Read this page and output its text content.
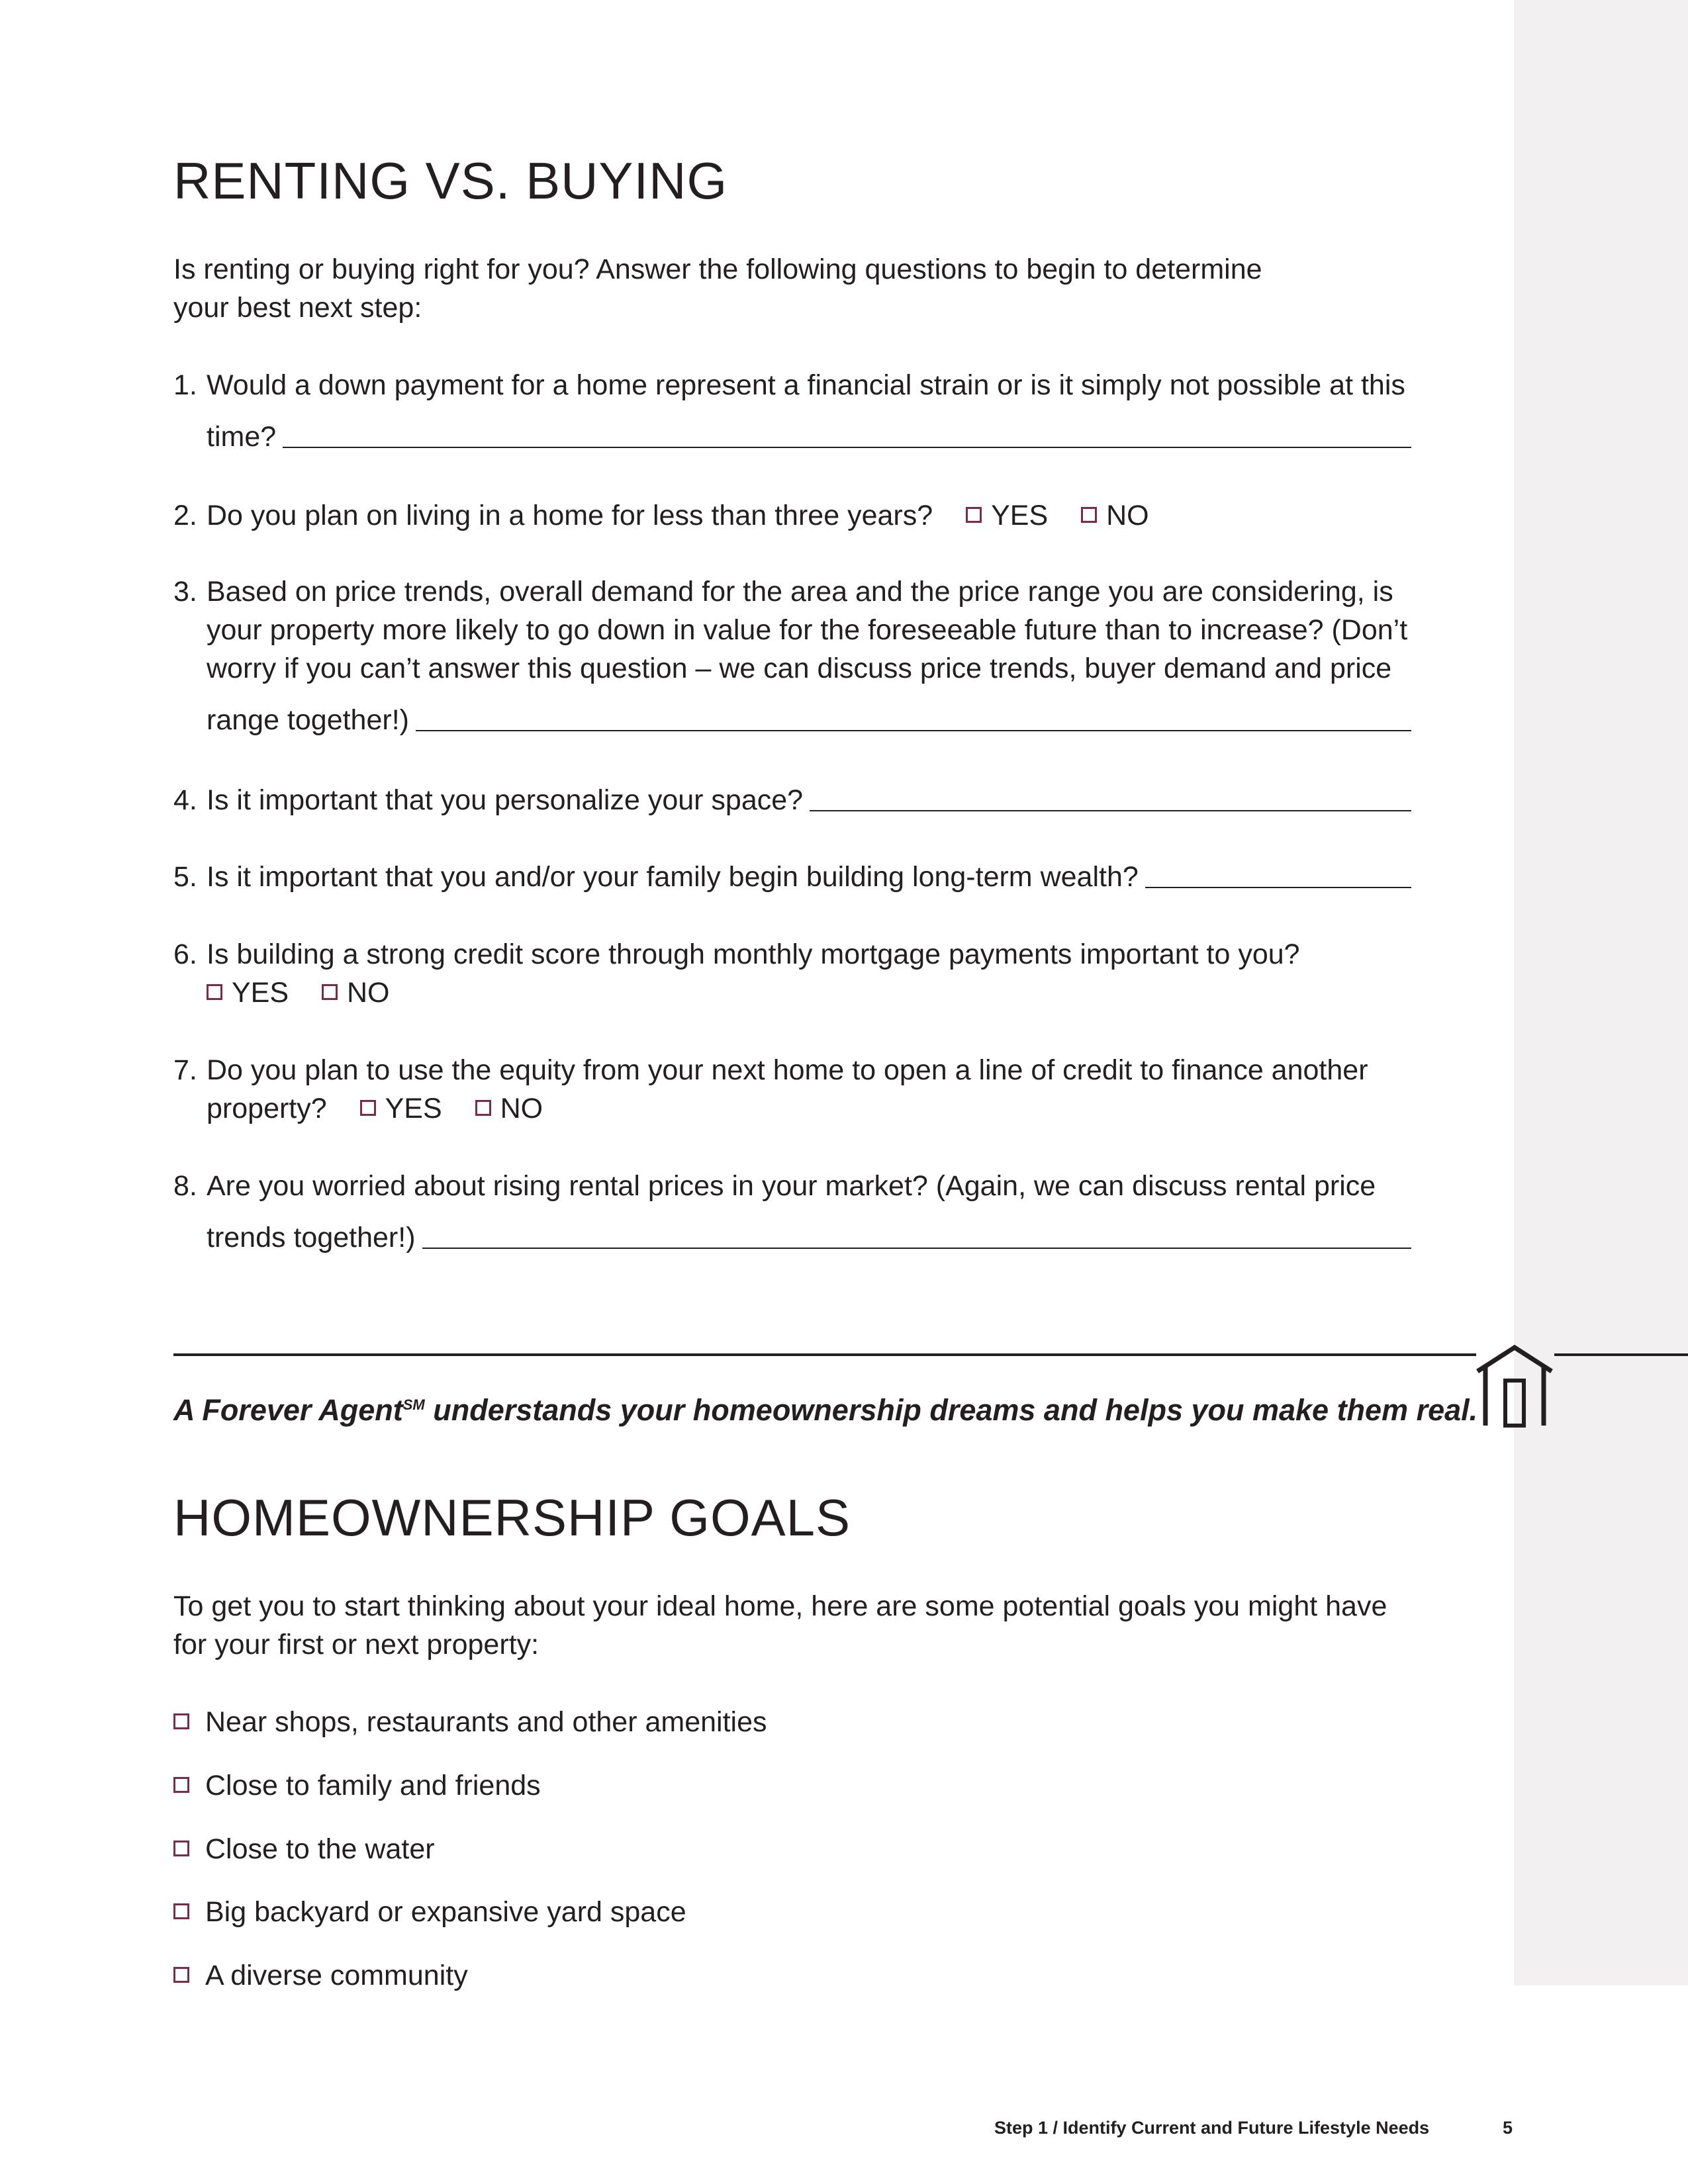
RENTING VS. BUYING

Is renting or buying right for you? Answer the following questions to begin to determine
your best next step:

1. Would a down payment for a home represent a financial strain or is it simply not possible at this
time?
2. Do you plan on living in a home for less than three years? YES NO
3. Based on price trends, overall demand for the area and the price range you are considering, is
your property more likely to go down in value for the foreseeable future than to increase? (Don’t
worry if you can’t answer this question – we can discuss price trends, buyer demand and price
range together!)
4. Is it important that you personalize your space?
5. Is it important that you and/or your family begin building long-term wealth?
6. Is building a strong credit score through monthly mortgage payments important to you?
YES NO
7. Do you plan to use the equity from your next home to open a line of credit to finance another
property? YES NO
8. Are you worried about rising rental prices in your market? (Again, we can discuss rental price
trends together!)
A Forever Agent℠ understands your homeownership dreams and helps you make them real.
HOMEOWNERSHIP GOALS

To get you to start thinking about your ideal home, here are some potential goals you might have
for your first or next property:

Near shops, restaurants and other amenities
Close to family and friends
Close to the water
Big backyard or expansive yard space
A diverse community
Step 1 / Identify Current and Future Lifestyle Needs	5
